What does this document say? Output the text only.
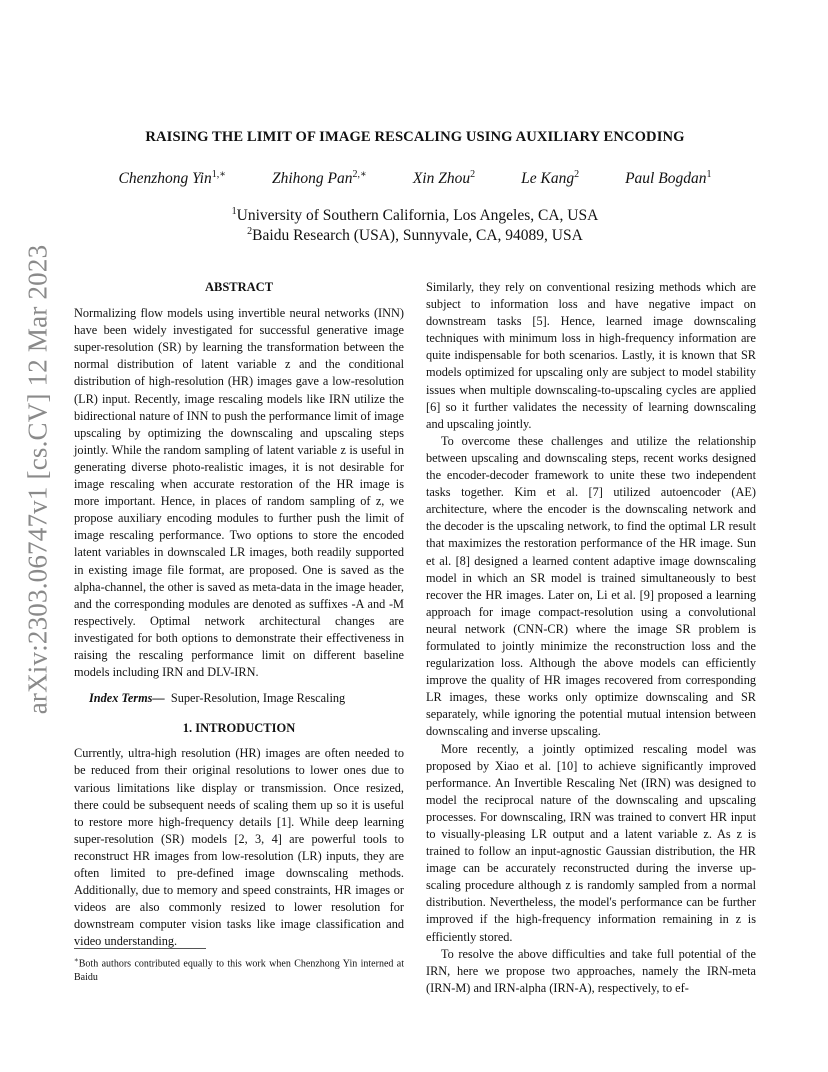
arXiv:2303.06747v1 [cs.CV] 12 Mar 2023
RAISING THE LIMIT OF IMAGE RESCALING USING AUXILIARY ENCODING
Chenzhong Yin$^{1,∗}$	Zhihong Pan$^{2,∗}$	Xin Zhou$^2$	Le Kang$^2$	Paul Bogdan$^1$
$^1$University of Southern California, Los Angeles, CA, USA
$^2$Baidu Research (USA), Sunnyvale, CA, 94089, USA
ABSTRACT

Normalizing flow models using invertible neural networks (INN) have been widely investigated for successful generative image super-resolution (SR) by learning the transformation between the normal distribution of latent variable z and the conditional distribution of high-resolution (HR) images gave a low-resolution (LR) input. Recently, image rescaling models like IRN utilize the bidirectional nature of INN to push the performance limit of image upscaling by optimizing the downscaling and upscaling steps jointly. While the random sampling of latent variable z is useful in generating diverse photo-realistic images, it is not desirable for image rescaling when accurate restoration of the HR image is more important. Hence, in places of random sampling of z, we propose auxiliary encoding modules to further push the limit of image rescaling performance. Two options to store the encoded latent variables in downscaled LR images, both readily supported in existing image file format, are proposed. One is saved as the alpha-channel, the other is saved as meta-data in the image header, and the corresponding modules are denoted as suffixes -A and -M respectively. Optimal network architectural changes are investigated for both options to demonstrate their effectiveness in raising the rescaling performance limit on different baseline models including IRN and DLV-IRN.

Index Terms— Super-Resolution, Image Rescaling

1. INTRODUCTION

Currently, ultra-high resolution (HR) images are often needed to be reduced from their original resolutions to lower ones due to various limitations like display or transmission. Once resized, there could be subsequent needs of scaling them up so it is useful to restore more high-frequency details [1]. While deep learning super-resolution (SR) models [2, 3, 4] are powerful tools to reconstruct HR images from low-resolution (LR) inputs, they are often limited to pre-defined image downscaling methods. Additionally, due to memory and speed constraints, HR images or videos are also commonly resized to lower resolution for downstream computer vision tasks like image classification and video understanding.

Similarly, they rely on conventional resizing methods which are subject to information loss and have negative impact on downstream tasks [5]. Hence, learned image downscaling techniques with minimum loss in high-frequency information are quite indispensable for both scenarios. Lastly, it is known that SR models optimized for upscaling only are subject to model stability issues when multiple downscaling-to-upscaling cycles are applied [6] so it further validates the necessity of learning downscaling and upscaling jointly.

To overcome these challenges and utilize the relationship between upscaling and downscaling steps, recent works designed the encoder-decoder framework to unite these two independent tasks together. Kim et al. [7] utilized autoencoder (AE) architecture, where the encoder is the downscaling network and the decoder is the upscaling network, to find the optimal LR result that maximizes the restoration performance of the HR image. Sun et al. [8] designed a learned content adaptive image downscaling model in which an SR model is trained simultaneously to best recover the HR images. Later on, Li et al. [9] proposed a learning approach for image compact-resolution using a convolutional neural network (CNN-CR) where the image SR problem is formulated to jointly minimize the reconstruction loss and the regularization loss. Although the above models can efficiently improve the quality of HR images recovered from corresponding LR images, these works only optimize downscaling and SR separately, while ignoring the potential mutual intension between downscaling and inverse upscaling.

More recently, a jointly optimized rescaling model was proposed by Xiao et al. [10] to achieve significantly improved performance. An Invertible Rescaling Net (IRN) was designed to model the reciprocal nature of the downscaling and upscaling processes. For downscaling, IRN was trained to convert HR input to visually-pleasing LR output and a latent variable z. As z is trained to follow an input-agnostic Gaussian distribution, the HR image can be accurately reconstructed during the inverse up-scaling procedure although z is randomly sampled from a normal distribution. Nevertheless, the model's performance can be further improved if the high-frequency information remaining in z is efficiently stored.

To resolve the above difficulties and take full potential of the IRN, here we propose two approaches, namely the IRN-meta (IRN-M) and IRN-alpha (IRN-A), respectively, to ef-

∗Both authors contributed equally to this work when Chenzhong Yin interned at Baidu
